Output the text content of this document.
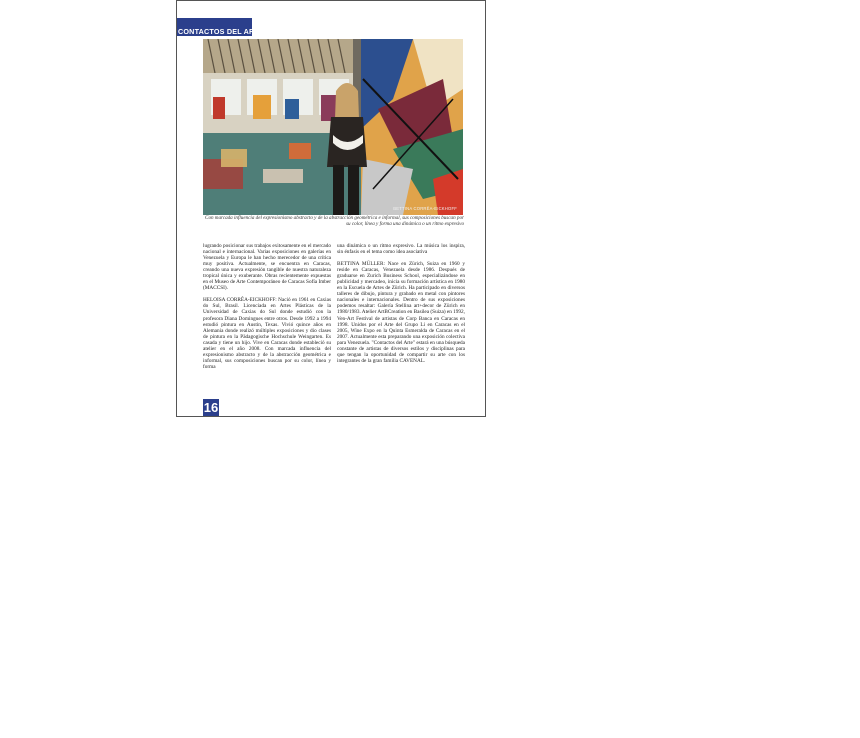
CONTACTOS DEL ARTE
BETTINA CORRÊA-EICKHOFF
Con marcada influencia del expresionismo abstracto y de la abstracción geométrica e informal, sus composiciones buscan por su color, línea y forma una dinámica o un ritmo expresivo

lugrando posicionar sus trabajos exitosamente en el mercado nacional e internacional. Varias exposiciones en galerías en Venezuela y Europa le han hecho merecedor de una crítica muy positiva. Actualmente, se encuentra en Caracas, creando una nueva expresión tangible de nuestra naturaleza tropical única y exuberante. Obras recientemente expuestas en el Museo de Arte Contemporáneo de Caracas Sofía Imber (MACCSI).

HELOISA CORRÊA-EICKHOFF: Nació en 1961 en Caxias do Sul, Brasil. Licenciada en Artes Plásticas de la Universidad de Caxias do Sul donde estudió con la profesora Diana Domingues entre otros. Desde 1992 a 1994 estudió pintura en Austin, Texas. Vivió quince años en Alemania donde realizó múltiples exposiciones y dio clases de pintura en la Pädagogische Hochschule Weingarten. Es casada y tiene un hijo. Vive en Caracas donde estableció su atelier en el año 2008. Con marcada influencia del expresionismo abstracto y de la abstracción geométrica e informal, sus composiciones buscan por su color, línea y forma

una dinámica o un ritmo expresivo. La música los inspira, sin énfasis en el tema como idea asociativa

BETTINA MÜLLER: Nace en Zürich, Suiza en 1960 y reside en Caracas, Venezuela desde 1986. Después de graduarse en Zurich Business School, especializándose en publicidad y mercadeo, inicia su formación artística en 1980 en la Escuela de Artes de Zürich. Ha participado en diversos talleres de dibujo, pintura y grabado en metal con pintores nacionales e internacionales. Dentro de sus exposiciones podemos resaltar: Galería Stellina art+decor de Zürich en 1980/1983. Atelier ArtBCreation en Basilea (Suiza) en 1992, Ven-Art Festival de artistas de Corp Banca en Caracas en 1998. Unidos por el Arte del Grupo Li en Caracas en el 2005, Wine Expo en la Quinta Esmeralda de Caracas en el 2007. Actualmente esta preparando una exposición colectiva para Venezuela. "Contactos del Arte" estará en una búsqueda constante de artistas de diversos estilos y disciplinas para que tengan la oportunidad de compartir su arte con los integrantes de la gran familia CAVENAL.

16
